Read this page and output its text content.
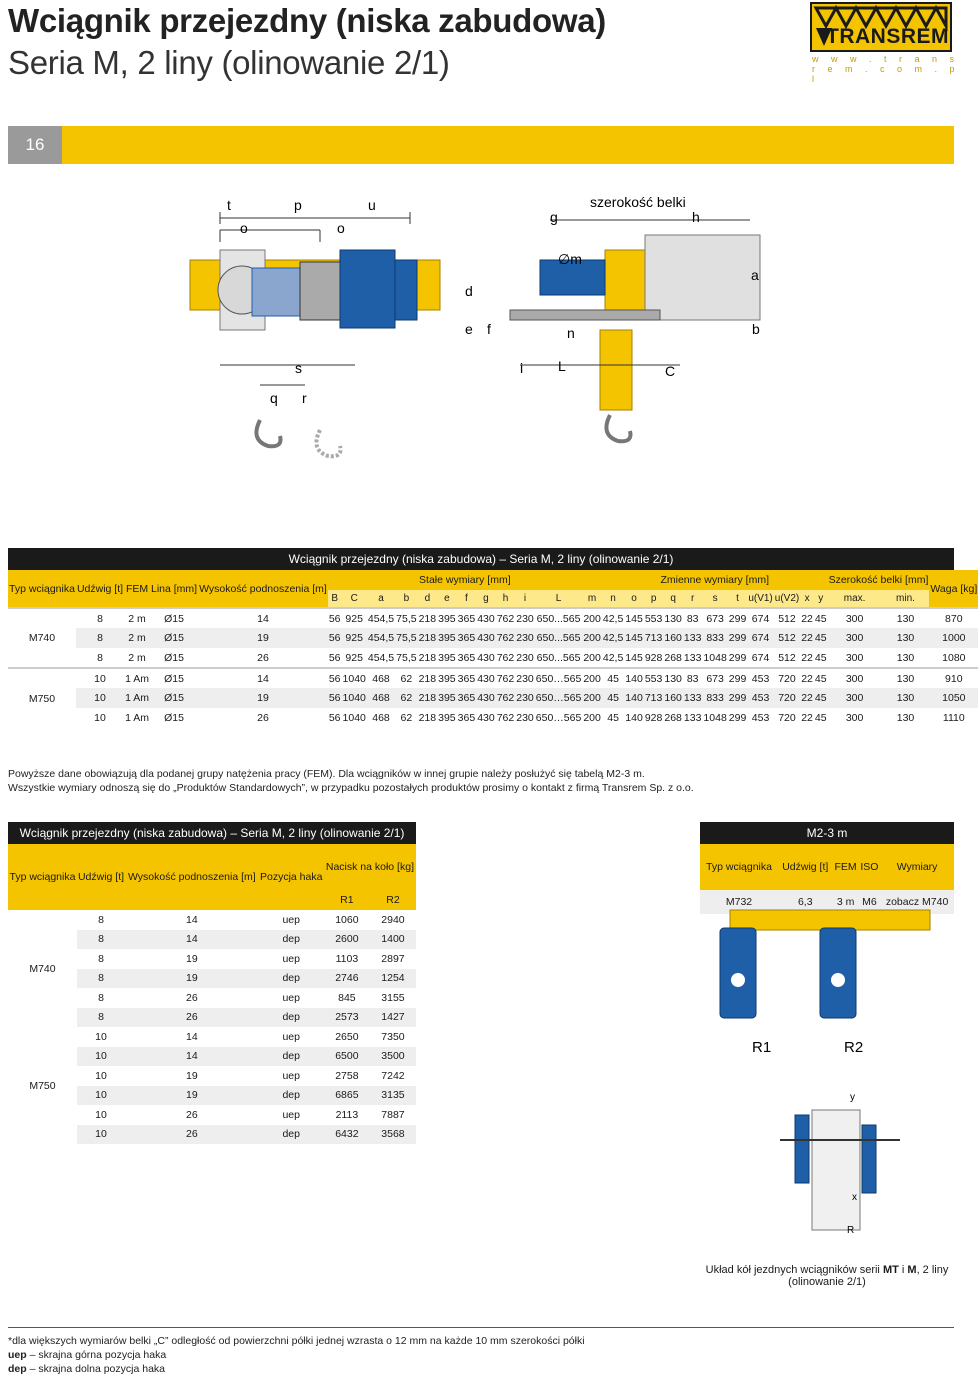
Wciągnik przejezdny (niska zabudowa)
Seria M, 2 liny (olinowanie 2/1)
TRANSREM
w w w . t r a n s r e m . c o m . p l
16
t	p	u
o	o
q r
s
g
szerokość belki
h
∅m
a
d
e f	n	b
i L	C
Wciągnik przejezdny (niska zabudowa) – Seria M, 2 liny (olinowanie 2/1)
Typ wciągnika	Udźwig [t]	FEM	Lina [mm]	Wysokość podnoszenia [m]	Stałe wymiary [mm]												Zmienne wymiary [mm]											Szerokość belki [mm]		Waga [kg]
					B	C	a	b	d	e	f	g	h	i	L	m	n	o	p	q	r	s	t	u(V1)	u(V2)	x	y	max.	min.	
M740	8	2 m	Ø15	14	56	925	454,5	75,5	218	395	365	430	762	230	650...565	200	42,5	145	553	130	83	673	299	674	512	22	45	300	130	870
	8	2 m	Ø15	19	56	925	454,5	75,5	218	395	365	430	762	230	650...565	200	42,5	145	713	160	133	833	299	674	512	22	45	300	130	1000
	8	2 m	Ø15	26	56	925	454,5	75,5	218	395	365	430	762	230	650...565	200	42,5	145	928	268	133	1048	299	674	512	22	45	300	130	1080
M750	10	1 Am	Ø15	14	56	1040	468	62	218	395	365	430	762	230	650…565	200	45	140	553	130	83	673	299	453	720	22	45	300	130	910
	10	1 Am	Ø15	19	56	1040	468	62	218	395	365	430	762	230	650…565	200	45	140	713	160	133	833	299	453	720	22	45	300	130	1050
	10	1 Am	Ø15	26	56	1040	468	62	218	395	365	430	762	230	650…565	200	45	140	928	268	133	1048	299	453	720	22	45	300	130	1110
Powyższe dane obowiązują dla podanej grupy natężenia pracy (FEM). Dla wciągników w innej grupie należy posłużyć się tabelą M2-3 m.
Wszystkie wymiary odnoszą się do „Produktów Standardowych”, w przypadku pozostałych produktów prosimy o kontakt z firmą Transrem Sp. z o.o.
Wciągnik przejezdny (niska zabudowa) – Seria M, 2 liny (olinowanie 2/1)
Typ wciągnika	Udźwig [t]	Wysokość podnoszenia [m]	Pozycja haka	Nacisk na koło [kg]	
				R1	R2
M740	8	14	uep	1060	2940
	8	14	dep	2600	1400
	8	19	uep	1103	2897
	8	19	dep	2746	1254
	8	26	uep	845	3155
	8	26	dep	2573	1427
M750	10	14	uep	2650	7350
	10	14	dep	6500	3500
	10	19	uep	2758	7242
	10	19	dep	6865	3135
	10	26	uep	2113	7887
	10	26	dep	6432	3568
M2-3 m
Typ wciągnika	Udźwig [t]	FEM	ISO	Wymiary
M732	6,3	3 m	M6	zobacz M740
R1	R2
y
x
R
Układ kół jezdnych wciągników serii MT i M, 2 liny (olinowanie 2/1)
*dla większych wymiarów belki „C” odległość od powierzchni półki jednej wzrasta o 12 mm na każde 10 mm szerokości półki
uep – skrajna górna pozycja haka
dep – skrajna dolna pozycja haka
